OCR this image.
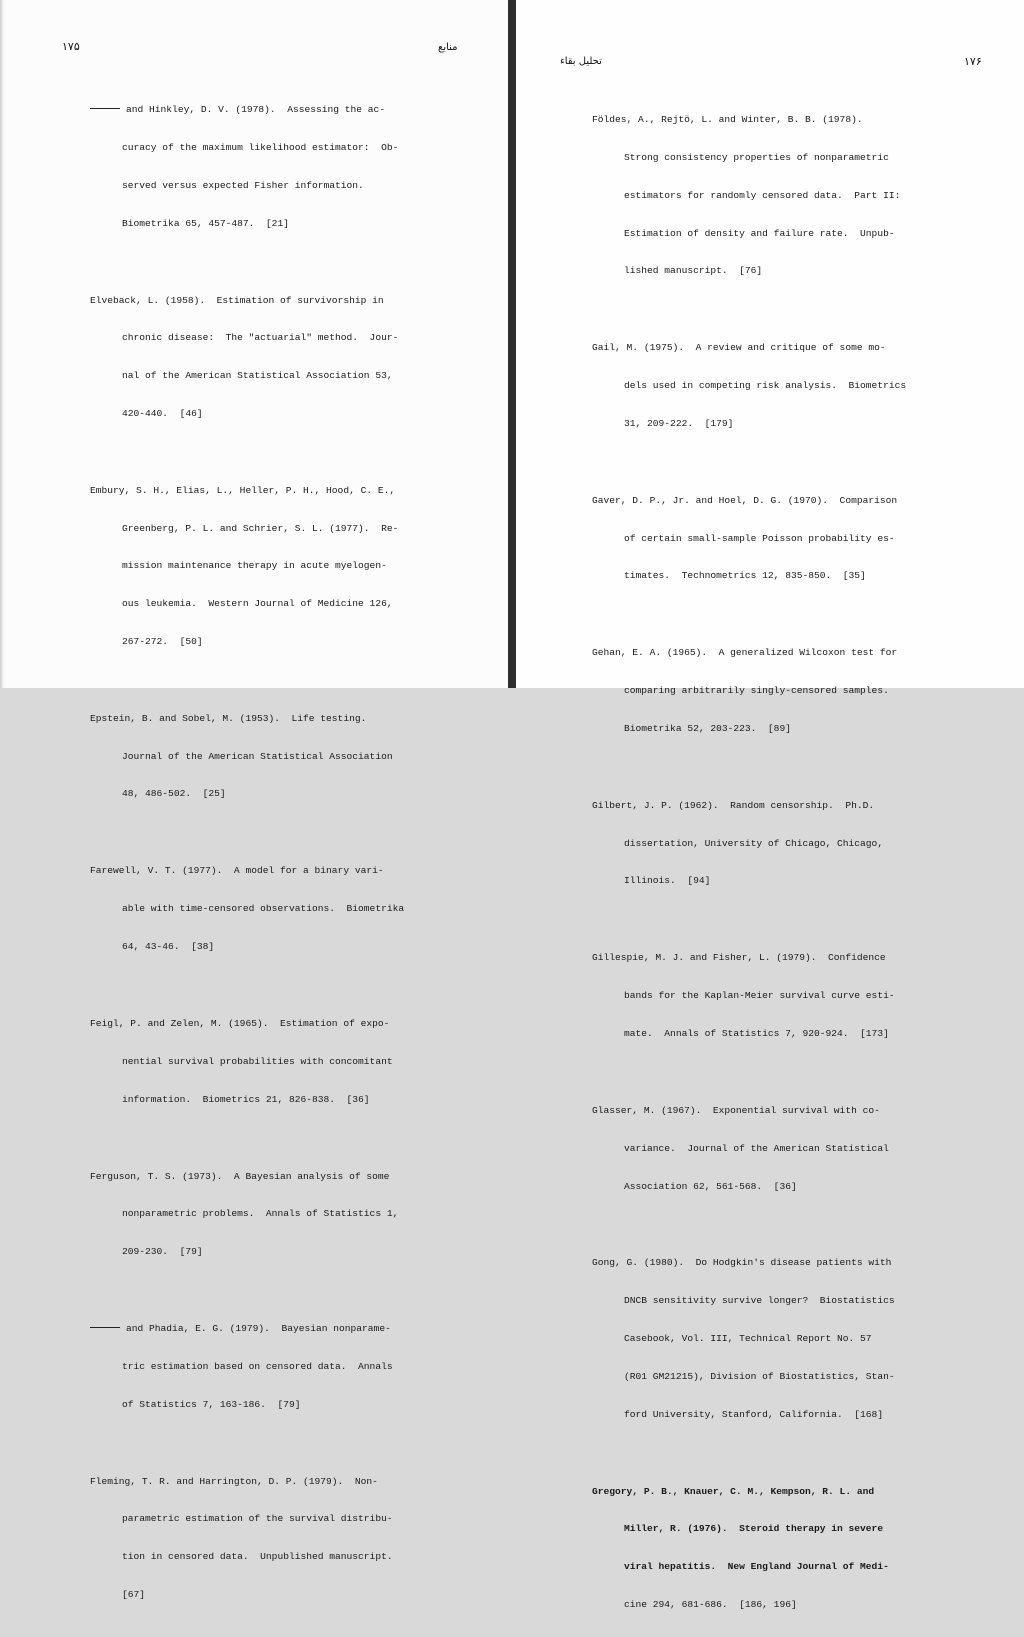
۱۷۵	منابع

and Hinkley, D. V. (1978).  Assessing the ac-

curacy of the maximum likelihood estimator:  Ob-

served versus expected Fisher information.

Biometrika 65, 457-487.  [21]

Elveback, L. (1958).  Estimation of survivorship in

chronic disease:  The "actuarial" method.  Jour-

nal of the American Statistical Association 53,

420-440.  [46]

Embury, S. H., Elias, L., Heller, P. H., Hood, C. E.,

Greenberg, P. L. and Schrier, S. L. (1977).  Re-

mission maintenance therapy in acute myelogen-

ous leukemia.  Western Journal of Medicine 126,

267-272.  [50]

Epstein, B. and Sobel, M. (1953).  Life testing.

Journal of the American Statistical Association

48, 486-502.  [25]

Farewell, V. T. (1977).  A model for a binary vari-

able with time-censored observations.  Biometrika

64, 43-46.  [38]

Feigl, P. and Zelen, M. (1965).  Estimation of expo-

nential survival probabilities with concomitant

information.  Biometrics 21, 826-838.  [36]

Ferguson, T. S. (1973).  A Bayesian analysis of some

nonparametric problems.  Annals of Statistics 1,

209-230.  [79]

and Phadia, E. G. (1979).  Bayesian nonparame-

tric estimation based on censored data.  Annals

of Statistics 7, 163-186.  [79]

Fleming, T. R. and Harrington, D. P. (1979).  Non-

parametric estimation of the survival distribu-

tion in censored data.  Unpublished manuscript.

[67]

تحلیل بقاء	۱۷۶

Földes, A., Rejtö, L. and Winter, B. B. (1978).

Strong consistency properties of nonparametric

estimators for randomly censored data.  Part II:

Estimation of density and failure rate.  Unpub-

lished manuscript.  [76]

Gail, M. (1975).  A review and critique of some mo-

dels used in competing risk analysis.  Biometrics

31, 209-222.  [179]

Gaver, D. P., Jr. and Hoel, D. G. (1970).  Comparison

of certain small-sample Poisson probability es-

timates.  Technometrics 12, 835-850.  [35]

Gehan, E. A. (1965).  A generalized Wilcoxon test for

comparing arbitrarily singly-censored samples.

Biometrika 52, 203-223.  [89]

Gilbert, J. P. (1962).  Random censorship.  Ph.D.

dissertation, University of Chicago, Chicago,

Illinois.  [94]

Gillespie, M. J. and Fisher, L. (1979).  Confidence

bands for the Kaplan-Meier survival curve esti-

mate.  Annals of Statistics 7, 920-924.  [173]

Glasser, M. (1967).  Exponential survival with co-

variance.  Journal of the American Statistical

Association 62, 561-568.  [36]

Gong, G. (1980).  Do Hodgkin's disease patients with

DNCB sensitivity survive longer?  Biostatistics

Casebook, Vol. III, Technical Report No. 57

(R01 GM21215), Division of Biostatistics, Stan-

ford University, Stanford, California.  [168]

Gregory, P. B., Knauer, C. M., Kempson, R. L. and

Miller, R. (1976).  Steroid therapy in severe

viral hepatitis.  New England Journal of Medi-

cine 294, 681-686.  [186, 196]
